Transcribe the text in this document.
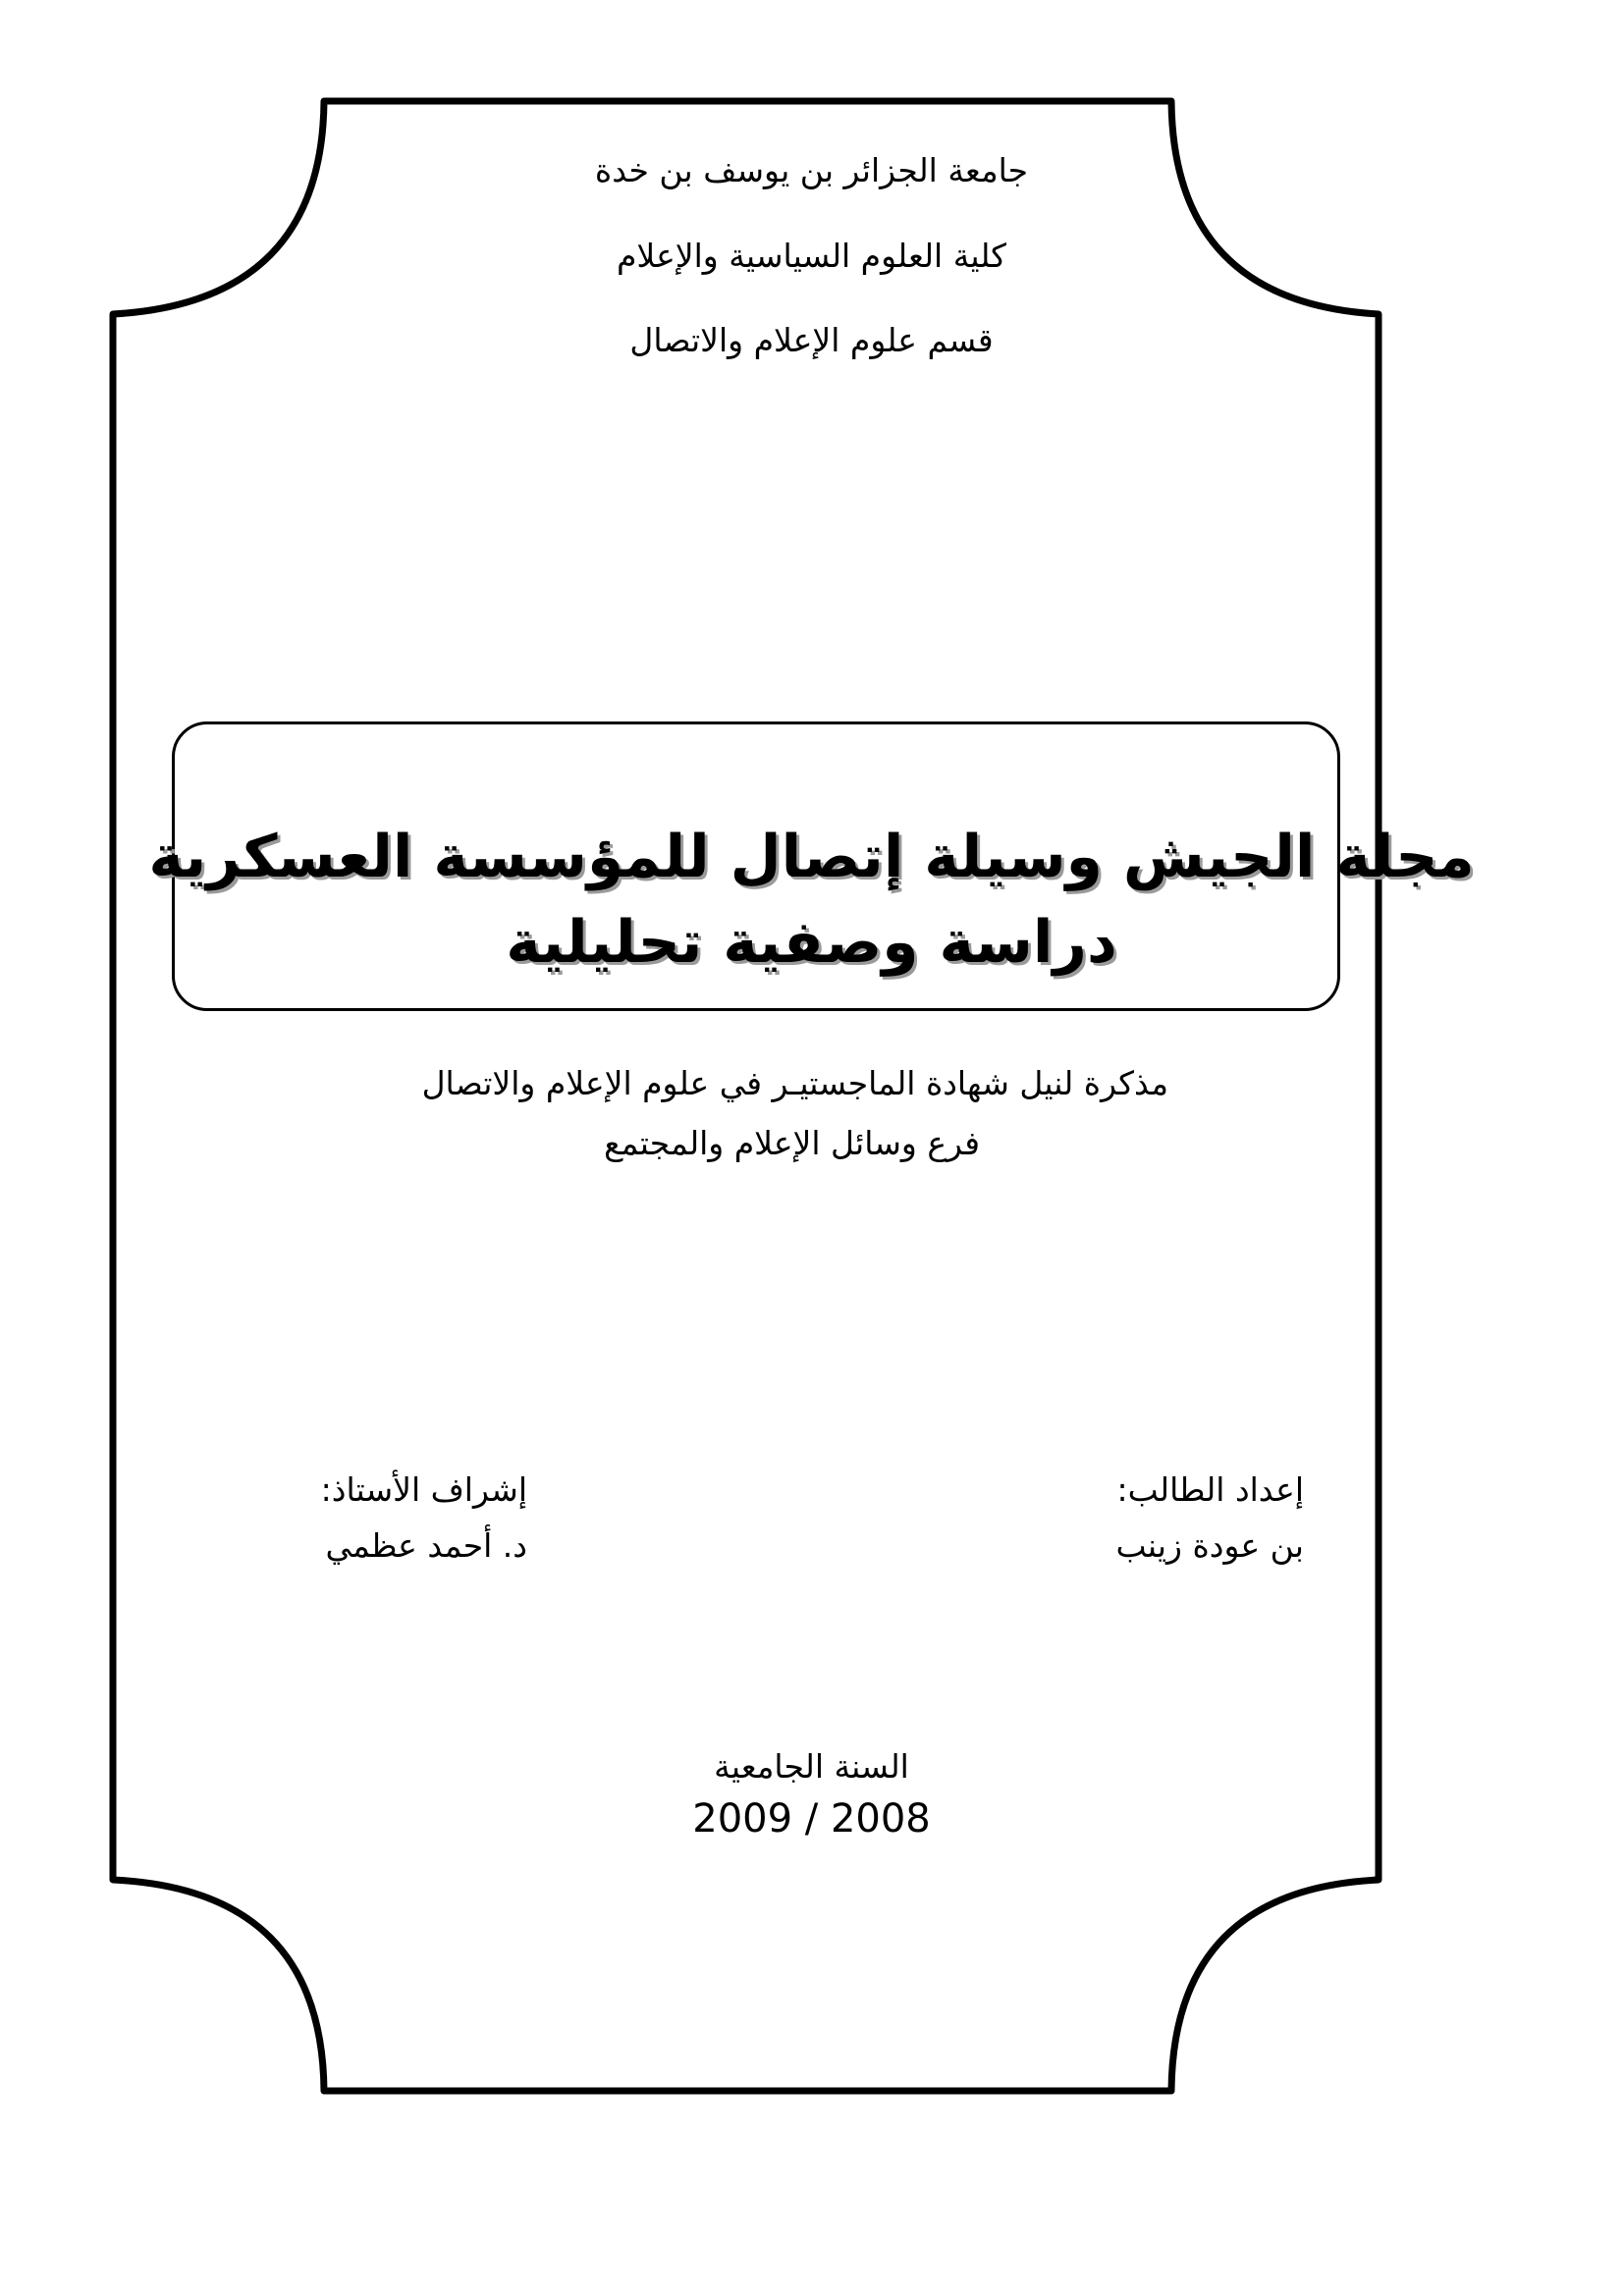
جامعة الجزائر بن يوسف بن خدة
كلية العلوم السياسية والإعلام
قسم علوم الإعلام والاتصال
مجلة الجيش وسيلة إتصال للمؤسسة العسكرية
دراسة وصفية تحليلية
مذكرة لنيل شهادة الماجستيـر في علوم الإعلام والاتصال
فرع وسائل الإعلام والمجتمع
إعداد الطالب:
بن عودة زينب
إشراف الأستاذ:
د. أحمد عظمي
السنة الجامعية
2009 / 2008
